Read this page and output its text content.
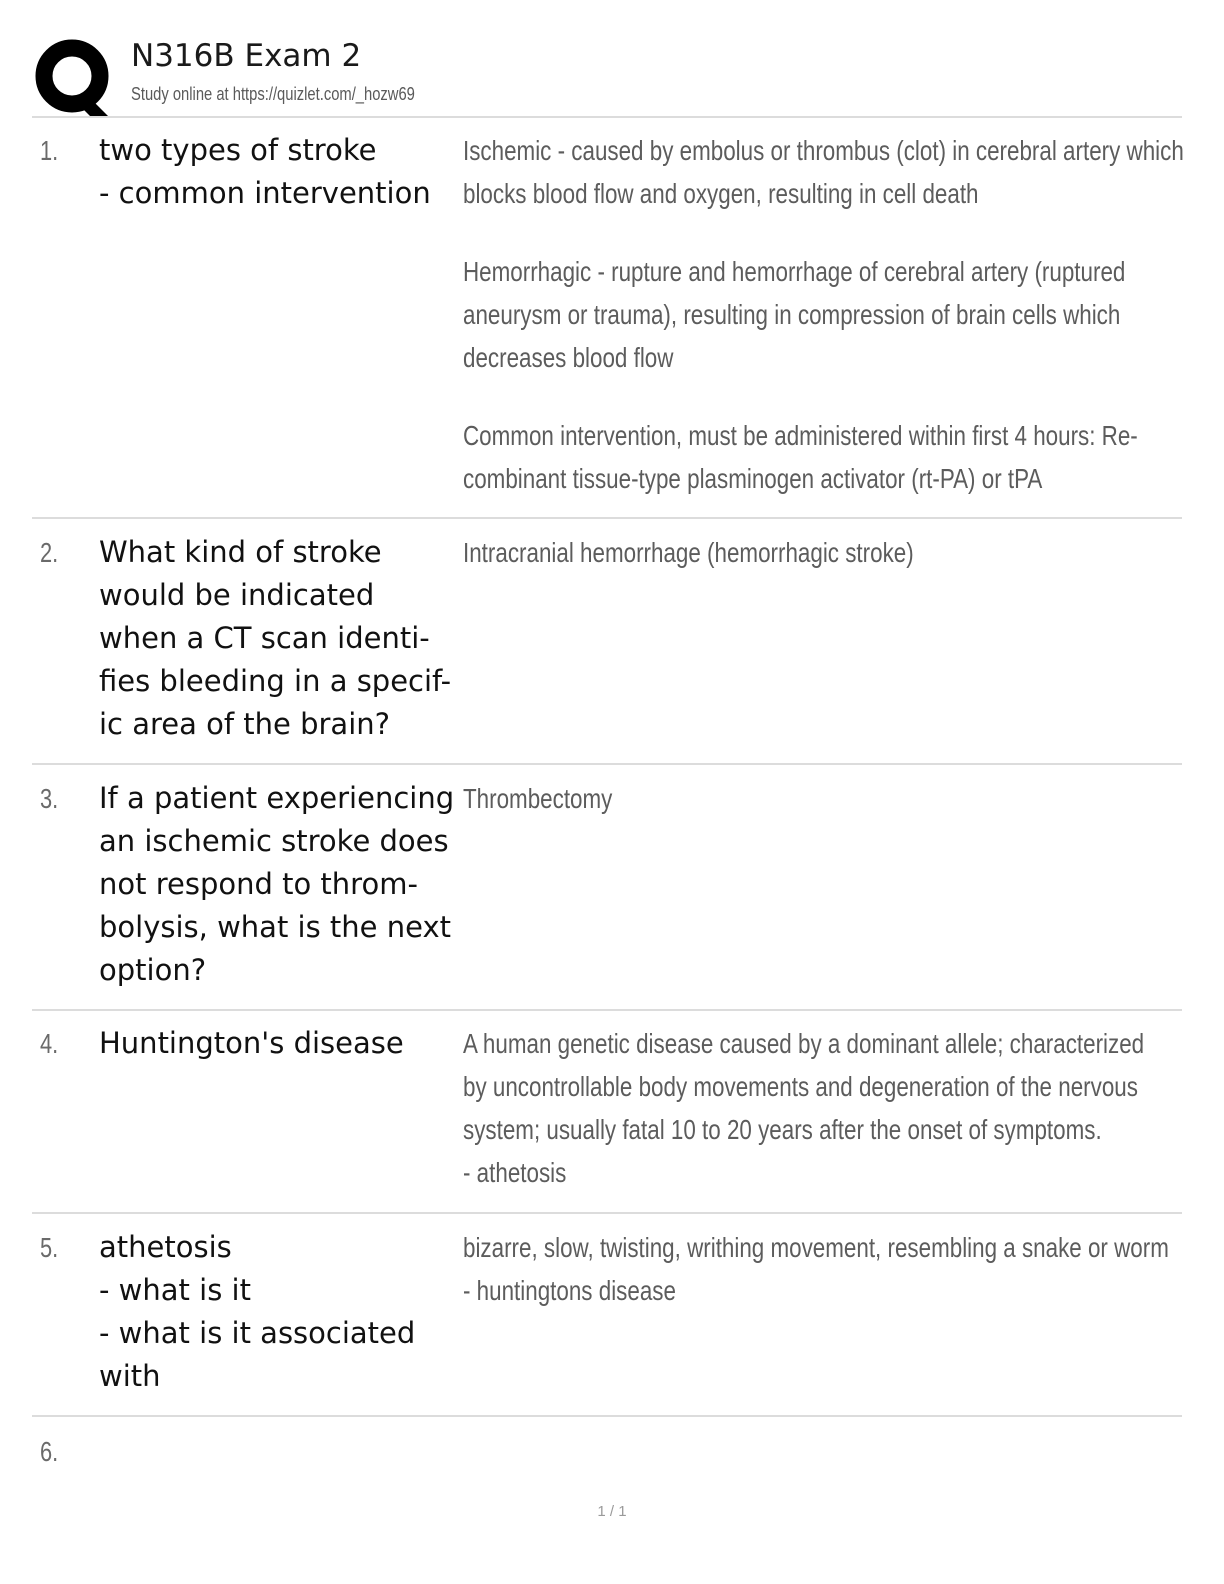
N316B Exam 2
Study online at https://quizlet.com/_hozw69
1. two types of stroke
- common intervention
Ischemic - caused by embolus or thrombus (clot) in cerebral artery which
blocks blood flow and oxygen, resulting in cell death
Hemorrhagic - rupture and hemorrhage of cerebral artery (ruptured
aneurysm or trauma), resulting in compression of brain cells which
decreases blood flow
Common intervention, must be administered within first 4 hours: Re-
combinant tissue-type plasminogen activator (rt-PA) or tPA
2. What kind of stroke
would be indicated
when a CT scan identi-
fies bleeding in a specif-
ic area of the brain?
Intracranial hemorrhage (hemorrhagic stroke)
3. If a patient experiencing
an ischemic stroke does
not respond to throm-
bolysis, what is the next
option?
Thrombectomy
4. Huntington's disease	A human genetic disease caused by a dominant allele; characterized
by uncontrollable body movements and degeneration of the nervous
system; usually fatal 10 to 20 years after the onset of symptoms.
- athetosis
5. athetosis
- what is it
- what is it associated
with
bizarre, slow, twisting, writhing movement, resembling a snake or worm
- huntingtons disease
6.
1 / 1
